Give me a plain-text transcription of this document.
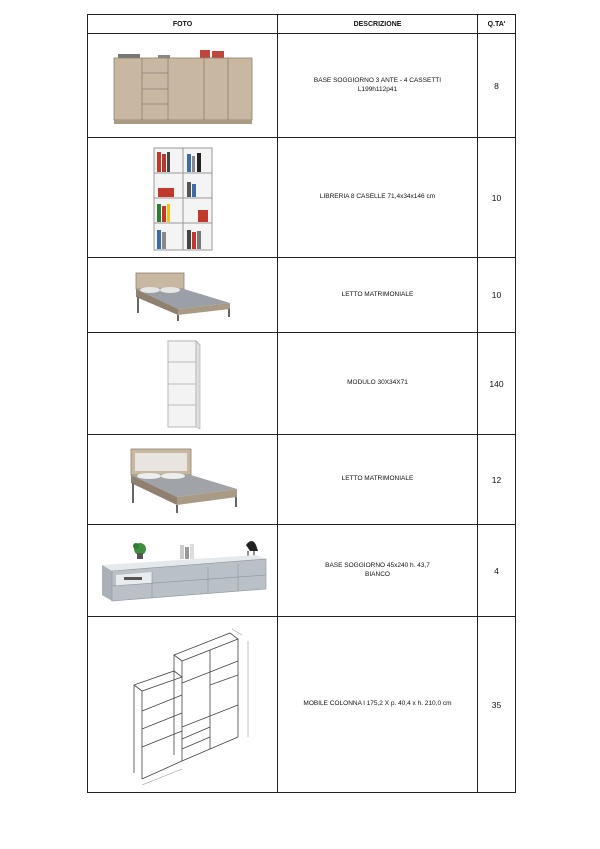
FOTO	DESCRIZIONE	Q.TA'

BASE SOGGIORNO 3 ANTE - 4 CASSETTI
L199h112p41	8

LIBRERIA 8 CASELLE 71,4x34x146 cm	10

LETTO MATRIMONIALE	10

MODULO 30X34X71	140

LETTO MATRIMONIALE	12

BASE SOGGIORNO 45x240 h. 43,7
BIANCO	4

MOBILE COLONNA l 175,2 X p. 40,4 x h. 210,0 cm	35
